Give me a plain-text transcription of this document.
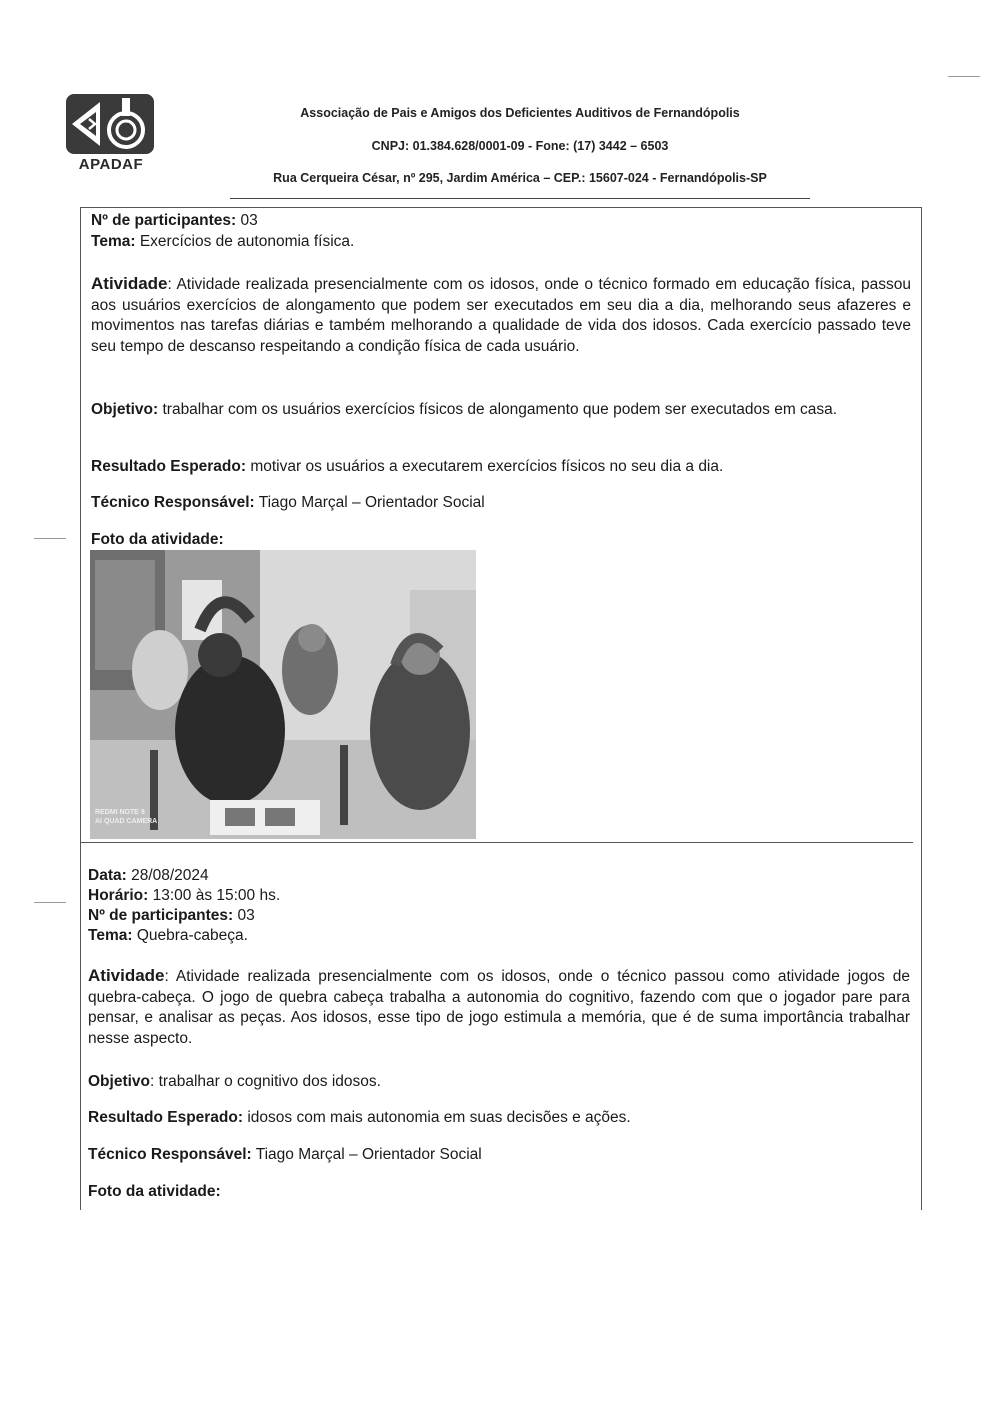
APADAF
Associação de Pais e Amigos dos Deficientes Auditivos de Fernandópolis
CNPJ: 01.384.628/0001-09 - Fone: (17) 3442 – 6503
Rua Cerqueira César, nº 295, Jardim América – CEP.: 15607-024 - Fernandópolis-SP
Nº de participantes: 03
Tema: Exercícios de autonomia física.
Atividade: Atividade realizada presencialmente com os idosos, onde o técnico formado em educação física, passou aos usuários exercícios de alongamento que podem ser executados em seu dia a dia, melhorando seus afazeres e movimentos nas tarefas diárias e também melhorando a qualidade de vida dos idosos. Cada exercício passado teve seu tempo de descanso respeitando a condição física de cada usuário.
Objetivo: trabalhar com os usuários exercícios físicos de alongamento que podem ser executados em casa.
Resultado Esperado: motivar os usuários a executarem exercícios físicos no seu dia a dia.
Técnico Responsável: Tiago Marçal – Orientador Social
Foto da atividade:
REDMI NOTE 9
AI QUAD CAMERA
Data: 28/08/2024
Horário: 13:00 às 15:00 hs.
Nº de participantes: 03
Tema: Quebra-cabeça.
Atividade: Atividade realizada presencialmente com os idosos, onde o técnico passou como atividade jogos de quebra-cabeça. O jogo de quebra cabeça trabalha a autonomia do cognitivo, fazendo com que o jogador pare para pensar, e analisar as peças. Aos idosos, esse tipo de jogo estimula a memória, que é de suma importância trabalhar nesse aspecto.
Objetivo: trabalhar o cognitivo dos idosos.
Resultado Esperado: idosos com mais autonomia em suas decisões e ações.
Técnico Responsável: Tiago Marçal – Orientador Social
Foto da atividade:
